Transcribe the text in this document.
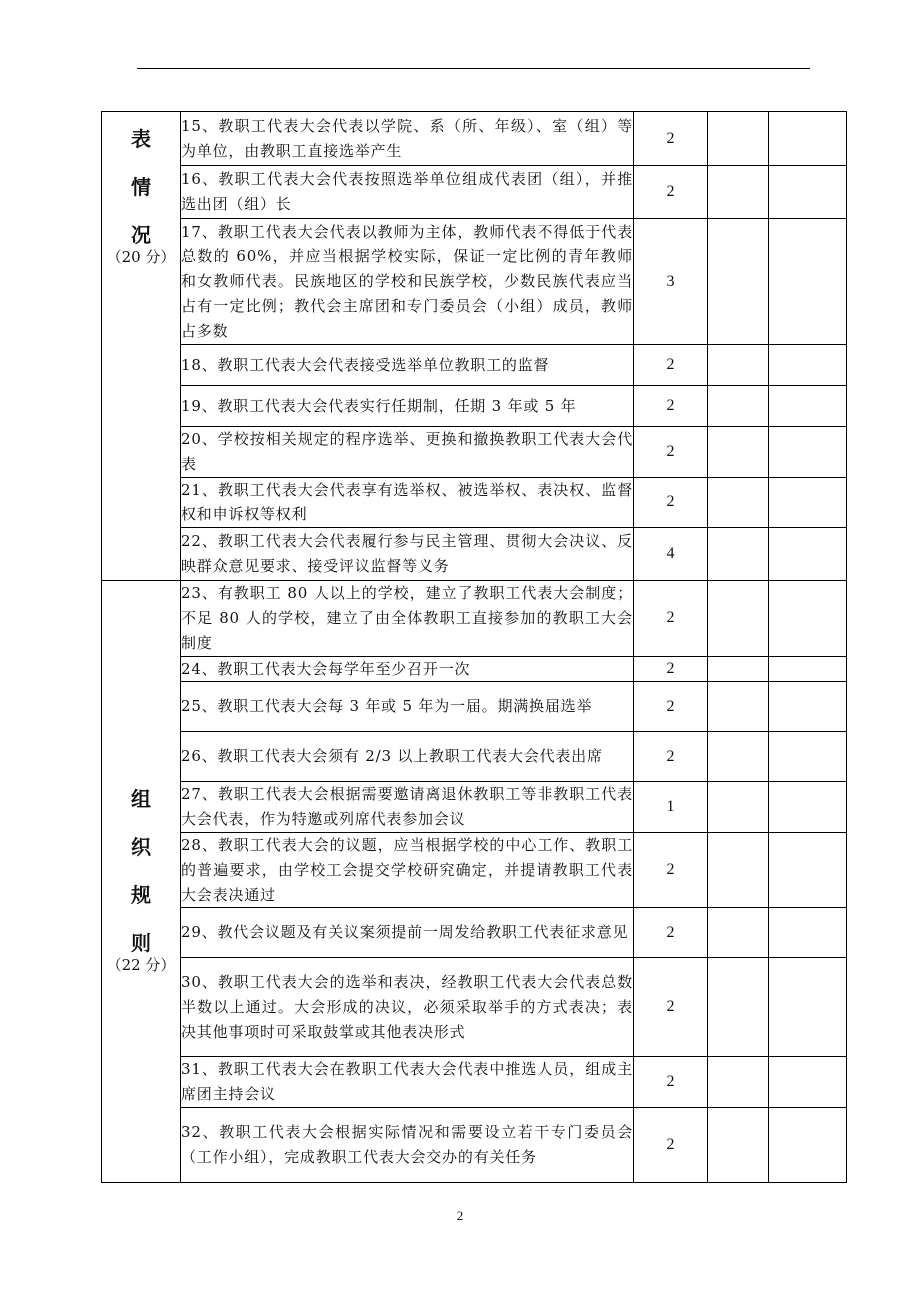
表
情
况
（20 分）	15、教职工代表大会代表以学院、系（所、年级）、室（组）等为单位，由教职工直接选举产生	2		
	16、教职工代表大会代表按照选举单位组成代表团（组），并推选出团（组）长	2		
	17、教职工代表大会代表以教师为主体，教师代表不得低于代表总数的 60%，并应当根据学校实际，保证一定比例的青年教师和女教师代表。民族地区的学校和民族学校，少数民族代表应当占有一定比例；教代会主席团和专门委员会（小组）成员，教师占多数	3		
	18、教职工代表大会代表接受选举单位教职工的监督	2		
	19、教职工代表大会代表实行任期制，任期 3 年或 5 年	2		
	20、学校按相关规定的程序选举、更换和撤换教职工代表大会代表	2		
	21、教职工代表大会代表享有选举权、被选举权、表决权、监督权和申诉权等权利	2		
	22、教职工代表大会代表履行参与民主管理、贯彻大会决议、反映群众意见要求、接受评议监督等义务	4		

组
织
规
则
（22 分）	23、有教职工 80 人以上的学校，建立了教职工代表大会制度；不足 80 人的学校，建立了由全体教职工直接参加的教职工大会制度	2		
	24、教职工代表大会每学年至少召开一次	2		
	25、教职工代表大会每 3 年或 5 年为一届。期满换届选举	2		
	26、教职工代表大会须有 2/3 以上教职工代表大会代表出席	2		
	27、教职工代表大会根据需要邀请离退休教职工等非教职工代表大会代表，作为特邀或列席代表参加会议	1		
	28、教职工代表大会的议题，应当根据学校的中心工作、教职工的普遍要求，由学校工会提交学校研究确定，并提请教职工代表大会表决通过	2		
	29、教代会议题及有关议案须提前一周发给教职工代表征求意见	2		
	30、教职工代表大会的选举和表决，经教职工代表大会代表总数半数以上通过。大会形成的决议，必须采取举手的方式表决；表决其他事项时可采取鼓掌或其他表决形式	2		
	31、教职工代表大会在教职工代表大会代表中推选人员，组成主席团主持会议	2		
	32、教职工代表大会根据实际情况和需要设立若干专门委员会（工作小组），完成教职工代表大会交办的有关任务	2		
2
